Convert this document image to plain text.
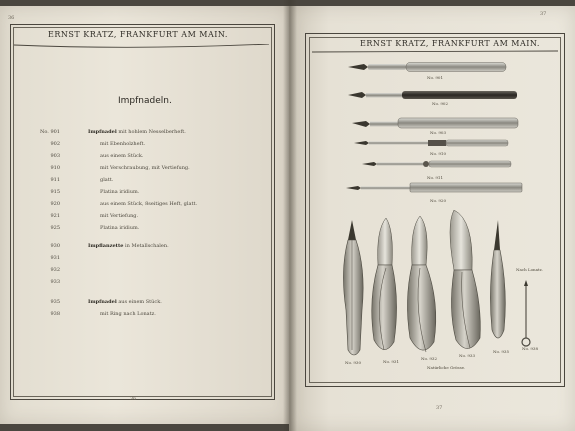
36
ERNST KRATZ, FRANKFURT AM MAIN.
Impfnadeln.
No. 901	Impfnadel mit hohlem Nesselberheft.
902	mit Ebenholzheft.
903	aus einem Stück.
910	mit Verschraubung, mit Vertiefung.
911	glatt.
915	Platina iridium.
920	aus einem Stück, 8seitiges Heft, glatt.
921	mit Vertiefung.
925	Platina iridium.
930	Impflanzette in Metallschalen.
931
932
933
935	Impfnadel aus einem Stück.
938	mit Ring nach Lonatz.
36
37
ERNST KRATZ, FRANKFURT AM MAIN.
No. 901
No. 902
No. 903
No. 910
No. 911
No. 920
Nach Lonatz.
No. 930	No. 931
No. 932
No. 933
No. 935
No. 938
Natürliche Grösse.
37
